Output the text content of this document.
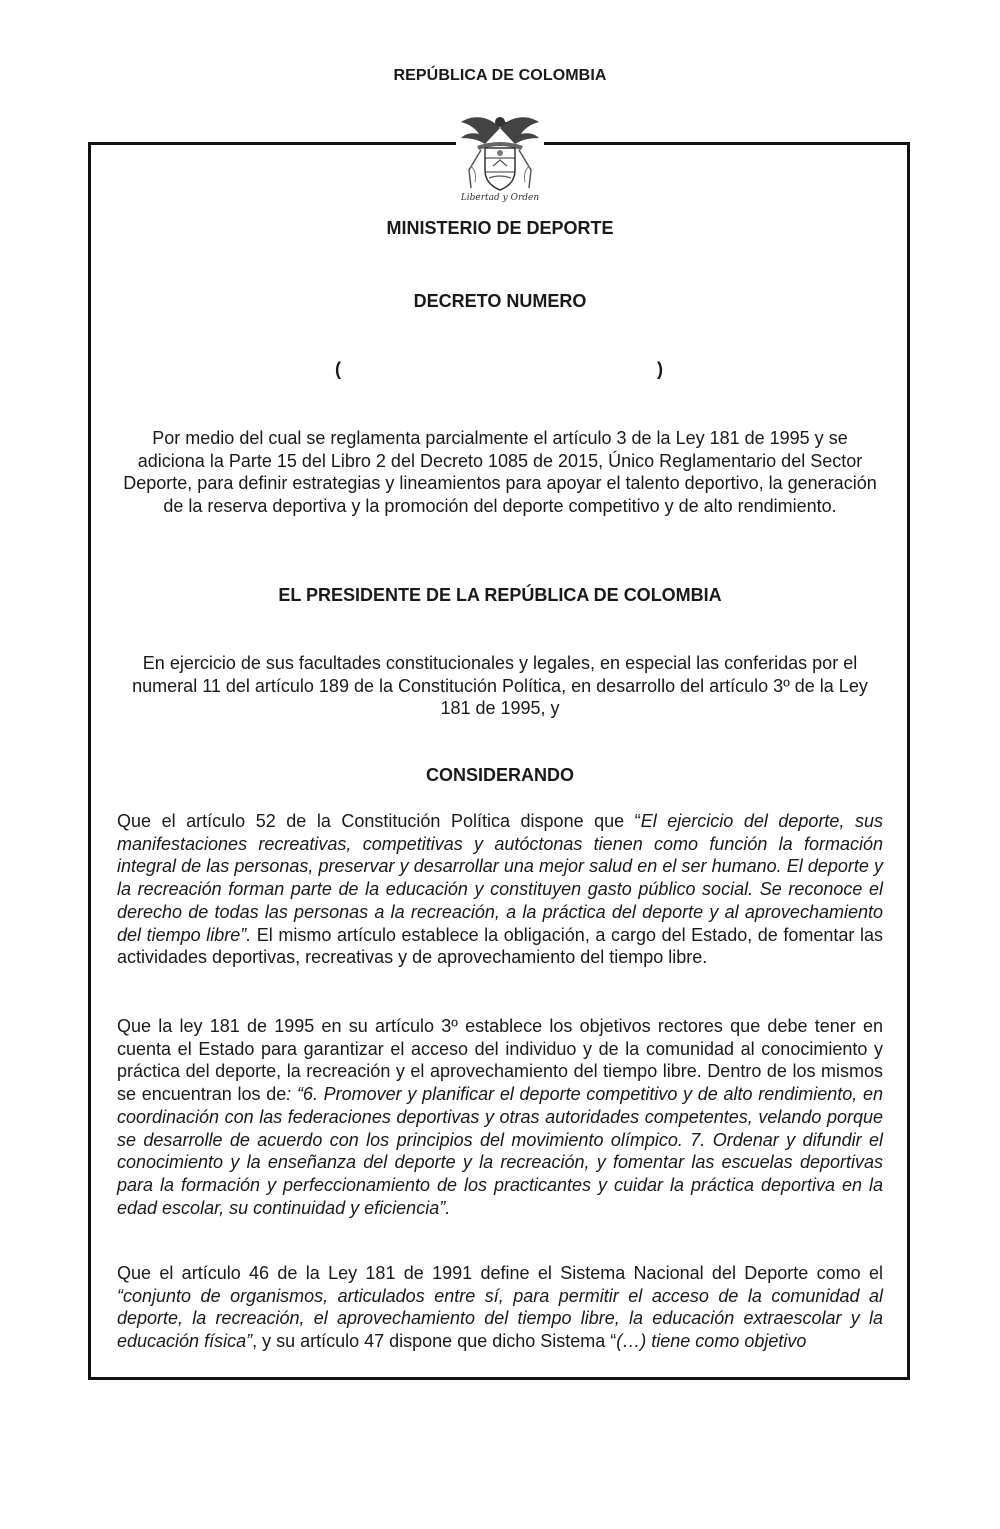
REPÚBLICA DE COLOMBIA
Libertad y Orden
MINISTERIO DE DEPORTE
DECRETO NUMERO
(	)
Por medio del cual se reglamenta parcialmente el artículo 3 de la Ley 181 de 1995 y se adiciona la Parte 15 del Libro 2 del Decreto 1085 de 2015, Único Reglamentario del Sector Deporte, para definir estrategias y lineamientos para apoyar el talento deportivo, la generación de la reserva deportiva y la promoción del deporte competitivo y de alto rendimiento.
EL PRESIDENTE DE LA REPÚBLICA DE COLOMBIA
En ejercicio de sus facultades constitucionales y legales, en especial las conferidas por el numeral 11 del artículo 189 de la Constitución Política, en desarrollo del artículo 3º de la Ley 181 de 1995, y
CONSIDERANDO
Que el artículo 52 de la Constitución Política dispone que “El ejercicio del deporte, sus manifestaciones recreativas, competitivas y autóctonas tienen como función la formación integral de las personas, preservar y desarrollar una mejor salud en el ser humano. El deporte y la recreación forman parte de la educación y constituyen gasto público social. Se reconoce el derecho de todas las personas a la recreación, a la práctica del deporte y al aprovechamiento del tiempo libre”. El mismo artículo establece la obligación, a cargo del Estado, de fomentar las actividades deportivas, recreativas y de aprovechamiento del tiempo libre.
Que la ley 181 de 1995 en su artículo 3º establece los objetivos rectores que debe tener en cuenta el Estado para garantizar el acceso del individuo y de la comunidad al conocimiento y práctica del deporte, la recreación y el aprovechamiento del tiempo libre. Dentro de los mismos se encuentran los de: “6. Promover y planificar el deporte competitivo y de alto rendimiento, en coordinación con las federaciones deportivas y otras autoridades competentes, velando porque se desarrolle de acuerdo con los principios del movimiento olímpico. 7. Ordenar y difundir el conocimiento y la enseñanza del deporte y la recreación, y fomentar las escuelas deportivas para la formación y perfeccionamiento de los practicantes y cuidar la práctica deportiva en la edad escolar, su continuidad y eficiencia”.
Que el artículo 46 de la Ley 181 de 1991 define el Sistema Nacional del Deporte como el “conjunto de organismos, articulados entre sí, para permitir el acceso de la comunidad al deporte, la recreación, el aprovechamiento del tiempo libre, la educación extraescolar y la educación física”, y su artículo 47 dispone que dicho Sistema “(…) tiene como objetivo
